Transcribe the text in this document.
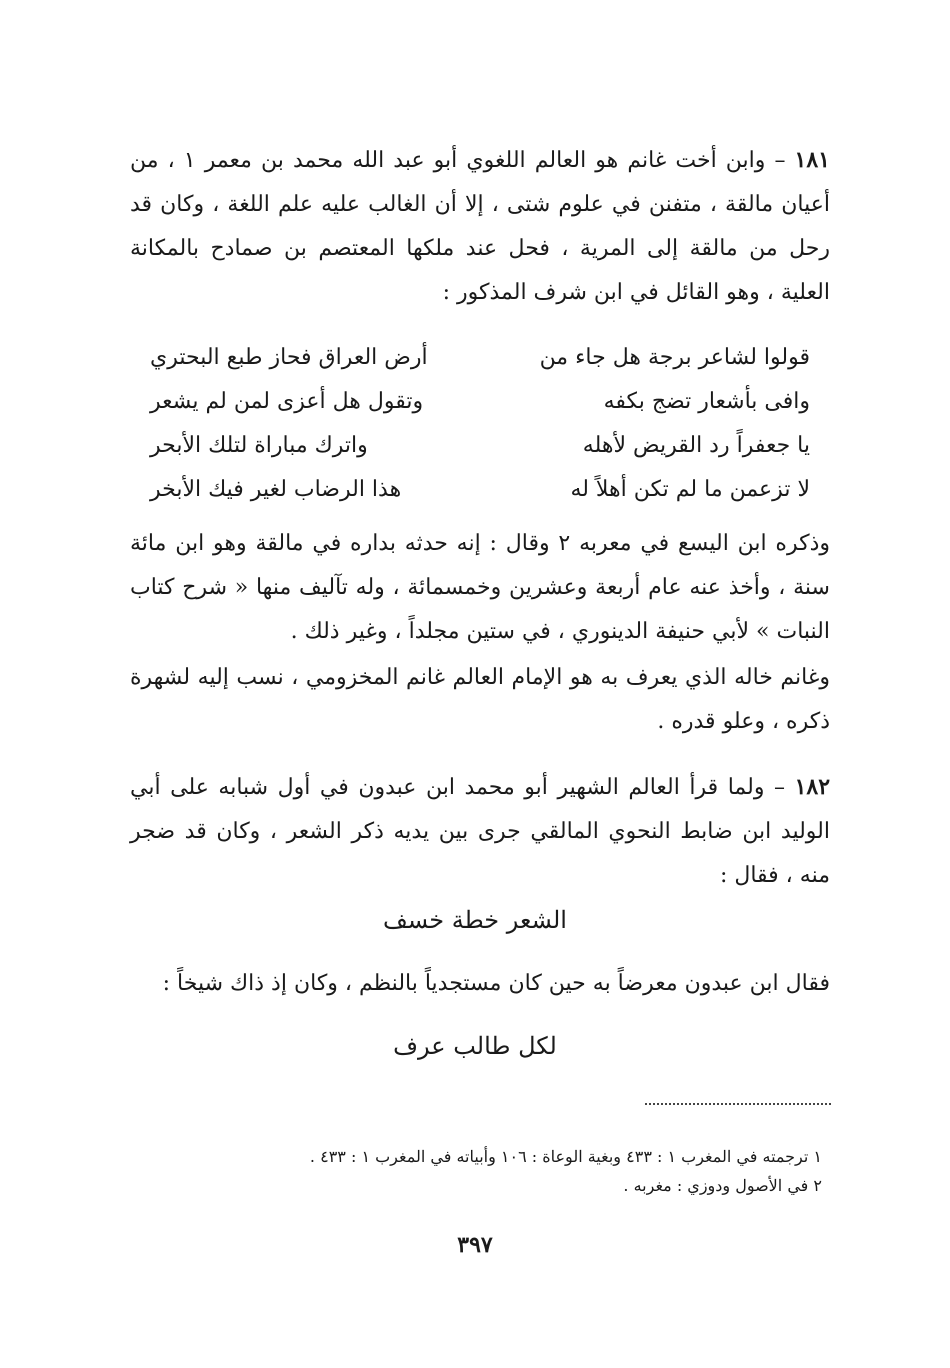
١٨١ – وابن أخت غانم هو العالم اللغوي أبو عبد الله محمد بن معمر ١ ، من أعيان مالقة ، متفنن في علوم شتى ، إلا أن الغالب عليه علم اللغة ، وكان قد رحل من مالقة إلى المرية ، فحل عند ملكها المعتصم بن صمادح بالمكانة العلية ، وهو القائل في ابن شرف المذكور :

قولوا لشاعر برجة هل جاء من
أرض العراق فحاز طبع البحتري
وافى بأشعار تضج بكفه
وتقول هل أعزى لمن لم يشعر
يا جعفراً رد القريض لأهله
واترك مباراة لتلك الأبحر
لا تزعمن ما لم تكن أهلاً له
هذا الرضاب لغير فيك الأبخر

وذكره ابن اليسع في معربه ٢ وقال : إنه حدثه بداره في مالقة وهو ابن مائة سنة ، وأخذ عنه عام أربعة وعشرين وخمسمائة ، وله تآليف منها « شرح كتاب النبات » لأبي حنيفة الدينوري ، في ستين مجلداً ، وغير ذلك .

وغانم خاله الذي يعرف به هو الإمام العالم غانم المخزومي ، نسب إليه لشهرة ذكره ، وعلو قدره .

١٨٢ – ولما قرأ العالم الشهير أبو محمد ابن عبدون في أول شبابه على أبي الوليد ابن ضابط النحوي المالقي جرى بين يديه ذكر الشعر ، وكان قد ضجر منه ، فقال :

الشعر خطة خسف

فقال ابن عبدون معرضاً به حين كان مستجدياً بالنظم ، وكان إذ ذاك شيخاً :

لكل طالب عرف
١ ترجمته في المغرب ١ : ٤٣٣ وبغية الوعاة : ١٠٦ وأبياته في المغرب ١ : ٤٣٣ .
٢ في الأصول ودوزي : مغربه .
٣٩٧
